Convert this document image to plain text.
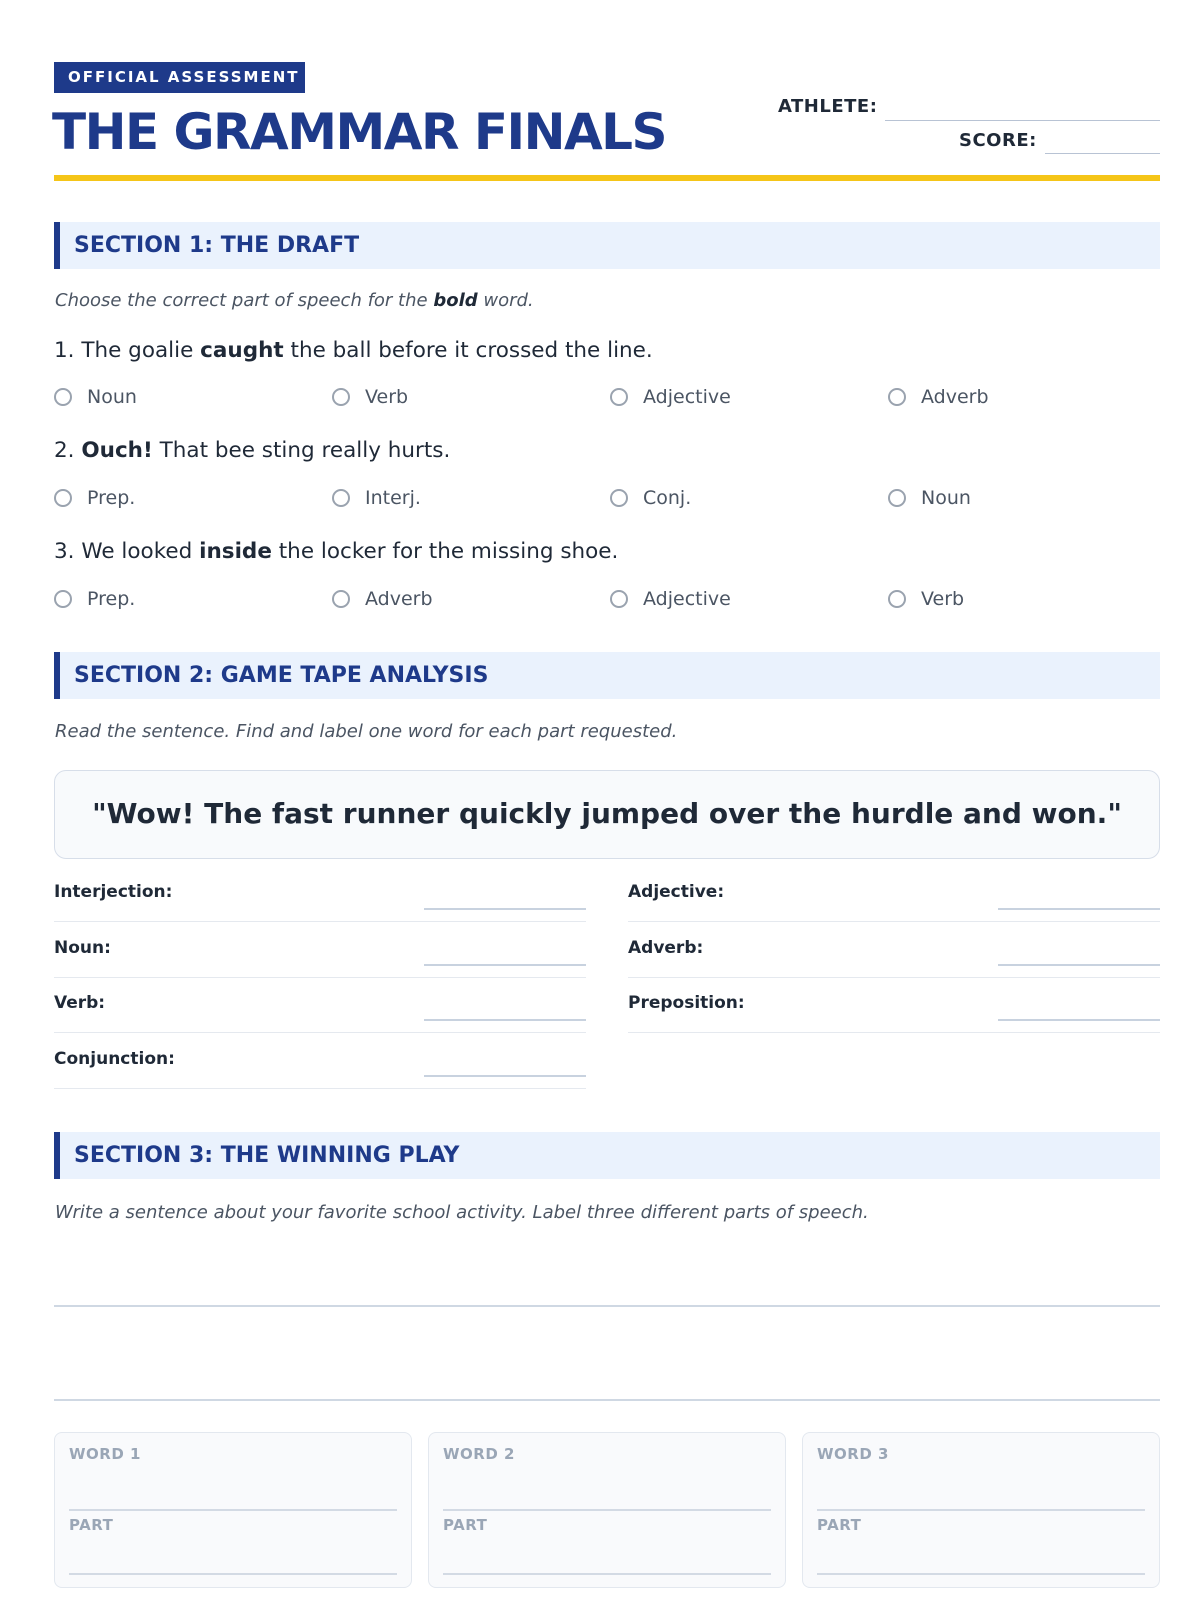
OFFICIAL ASSESSMENT
THE GRAMMAR FINALS	ATHLETE:
SCORE:
SECTION 1: THE DRAFT
Choose the correct part of speech for the bold word.
1. The goalie caught the ball before it crossed the line.
Noun	Verb	Adjective	Adverb
2. Ouch! That bee sting really hurts.
Prep.	Interj.	Conj.	Noun
3. We looked inside the locker for the missing shoe.
Prep.	Adverb	Adjective	Verb
SECTION 2: GAME TAPE ANALYSIS
Read the sentence. Find and label one word for each part requested.
"Wow! The fast runner quickly jumped over the hurdle and won."
Interjection:
Noun:
Verb:
Conjunction:
Adjective:
Adverb:
Preposition:
SECTION 3: THE WINNING PLAY
Write a sentence about your favorite school activity. Label three different parts of speech.
WORD 1
PART
WORD 2
PART
WORD 3
PART
